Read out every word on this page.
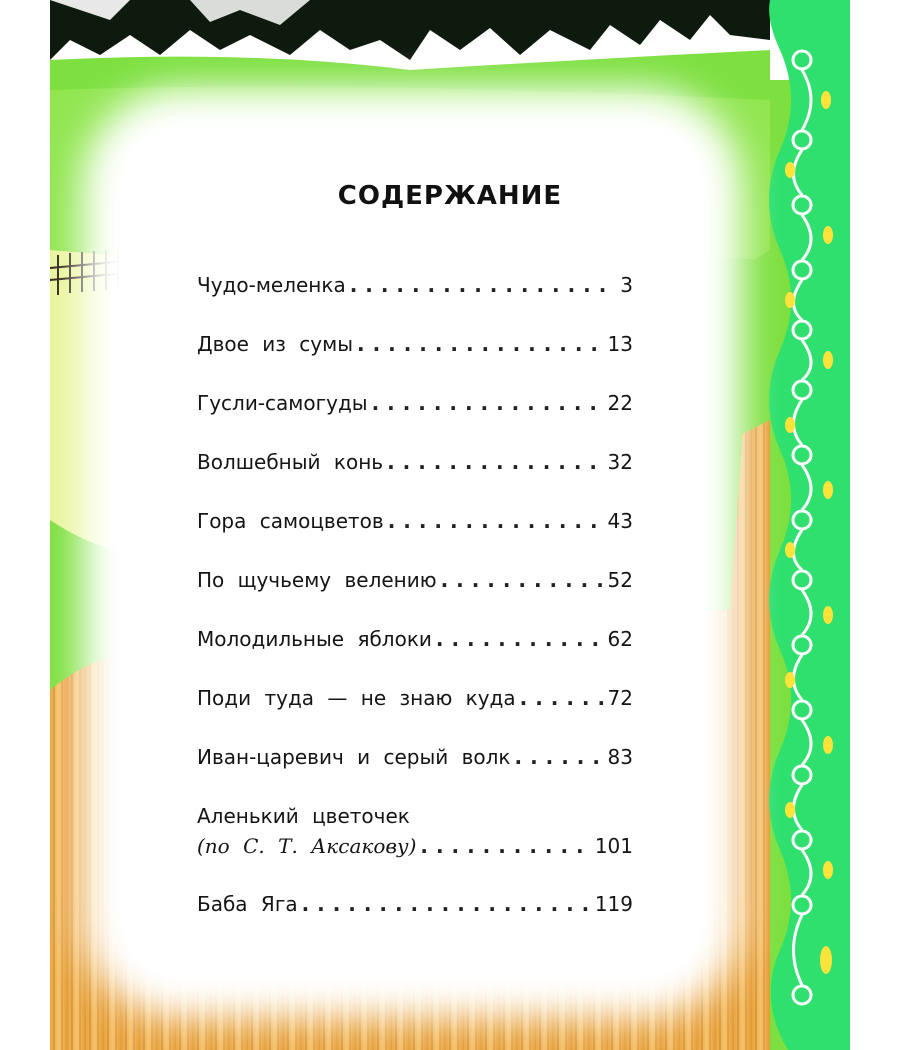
СОДЕРЖАНИЕ
Чудо-меленка . . .	3
Двое из сумы . . .	13
Гусли-самогуды . . .	22
Волшебный конь . . .	32
Гора самоцветов . . .	43
По щучьему велению . . .	52
Молодильные яблоки . . .	62
Поди туда — не знаю куда . . .	72
Иван-царевич и серый волк . . .	83
Аленький цветочек
(по С. Т. Аксакову) . . .	101
Баба Яга . . .	119
